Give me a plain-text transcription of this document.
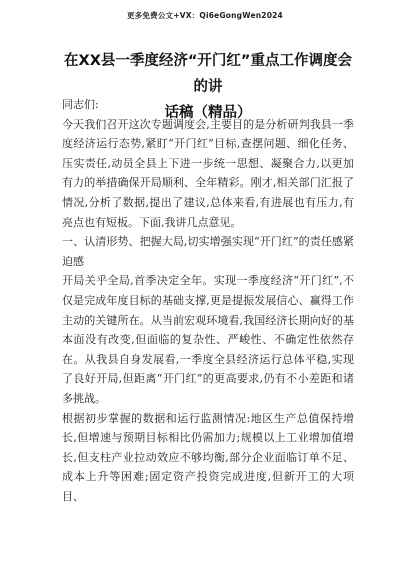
更多免费公文+VX：Qi6eGongWen2024
在XX县一季度经济“开门红”重点工作调度会的讲
话稿（精品）

同志们:

今天我们召开这次专题调度会,主要目的是分析研判我县一季度经济运行态势,紧盯“开门红”目标,查摆问题、细化任务、压实责任,动员全县上下进一步统一思想、凝聚合力,以更加有力的举措确保开局顺利、全年精彩。刚才,相关部门汇报了情况,分析了数据,提出了建议,总体来看,有进展也有压力,有亮点也有短板。下面,我讲几点意见。

一、认清形势、把握大局,切实增强实现“开门红”的责任感紧迫感

开局关乎全局,首季决定全年。实现一季度经济“开门红”,不仅是完成年度目标的基础支撑,更是提振发展信心、赢得工作主动的关键所在。从当前宏观环境看,我国经济长期向好的基本面没有改变,但面临的复杂性、严峻性、不确定性依然存在。从我县自身发展看,一季度全县经济运行总体平稳,实现了良好开局,但距离“开门红”的更高要求,仍有不小差距和诸多挑战。

根据初步掌握的数据和运行监测情况:地区生产总值保持增长,但增速与预期目标相比仍需加力;规模以上工业增加值增长,但支柱产业拉动效应不够均衡,部分企业面临订单不足、成本上升等困难;固定资产投资完成进度,但新开工的大项目、
